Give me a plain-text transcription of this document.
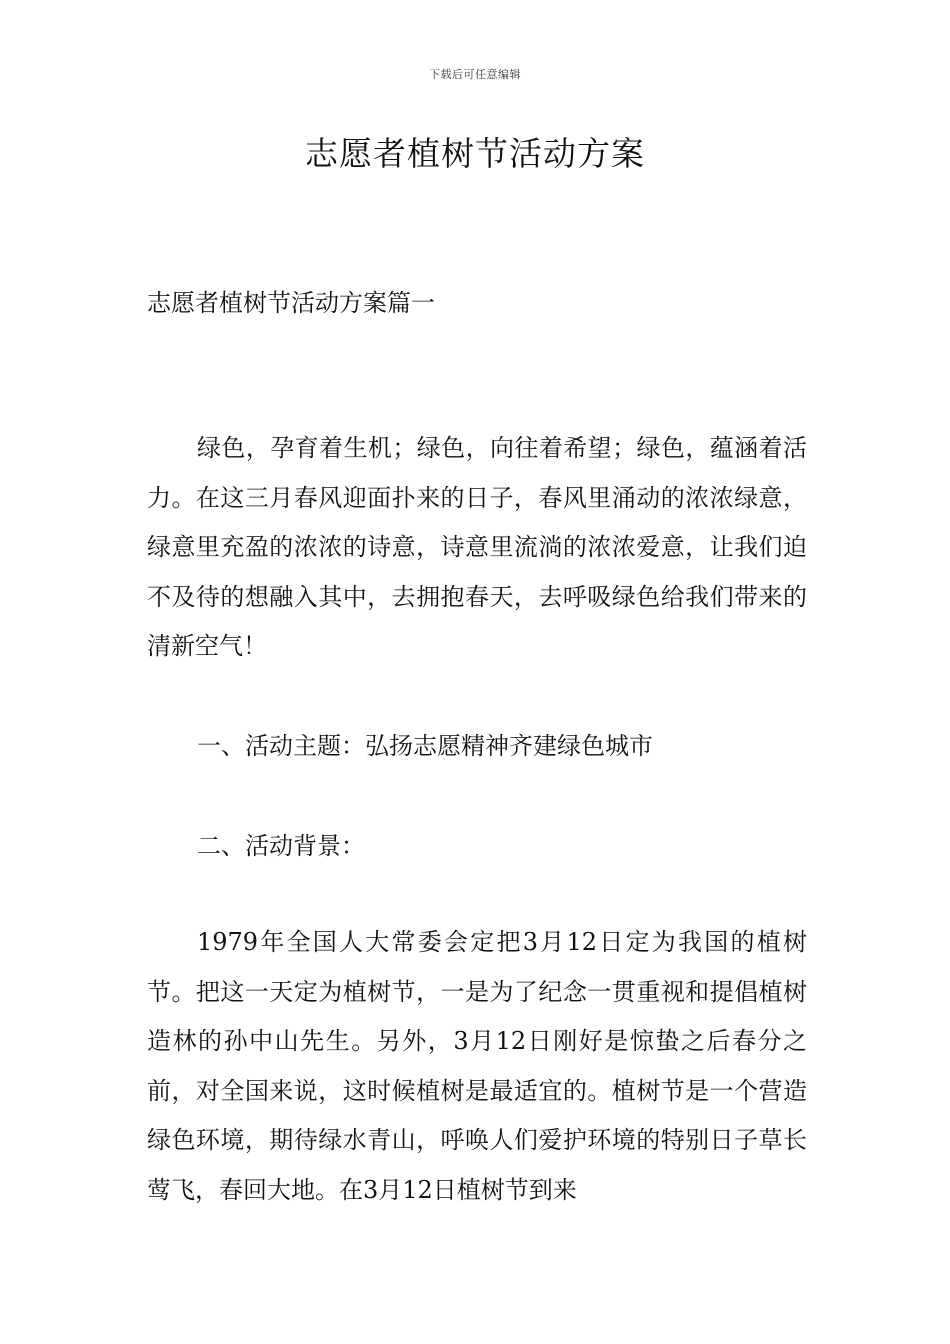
下载后可任意编辑
志愿者植树节活动方案
志愿者植树节活动方案篇一

绿色，孕育着生机；绿色，向往着希望；绿色，蕴涵着活力。在这三月春风迎面扑来的日子，春风里涌动的浓浓绿意，绿意里充盈的浓浓的诗意，诗意里流淌的浓浓爱意，让我们迫不及待的想融入其中，去拥抱春天，去呼吸绿色给我们带来的清新空气！

一、活动主题：弘扬志愿精神齐建绿色城市

二、活动背景：

1979年全国人大常委会定把3月12日定为我国的植树节。把这一天定为植树节，一是为了纪念一贯重视和提倡植树造林的孙中山先生。另外，3月12日刚好是惊蛰之后春分之前，对全国来说，这时候植树是最适宜的。植树节是一个营造绿色环境，期待绿水青山，呼唤人们爱护环境的特别日子草长莺飞，春回大地。在3月12日植树节到来
